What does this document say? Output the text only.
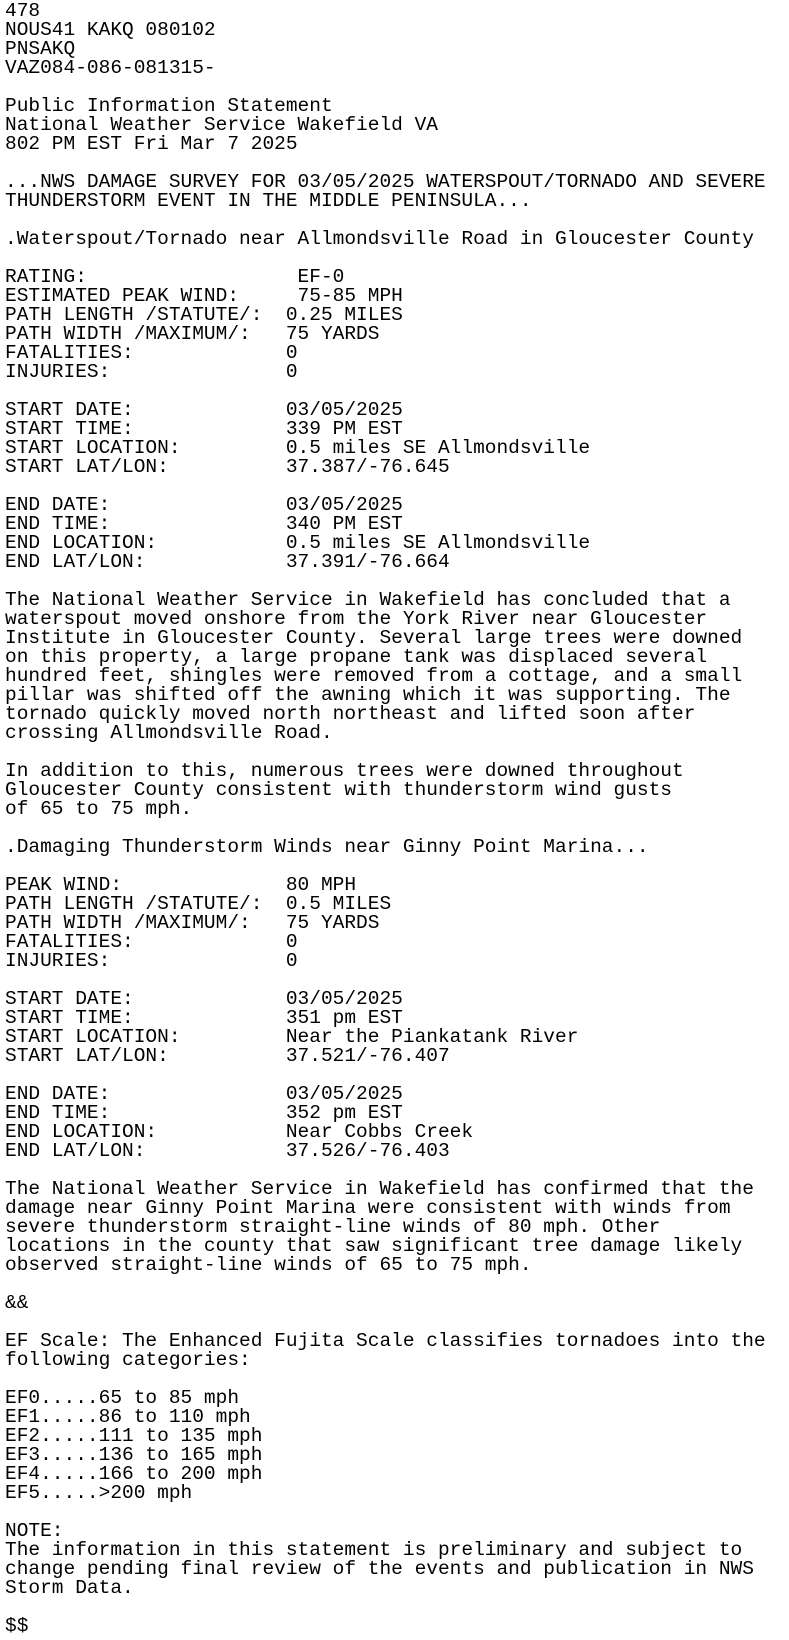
478
NOUS41 KAKQ 080102
PNSAKQ
VAZ084-086-081315-
Public Information Statement
National Weather Service Wakefield VA
802 PM EST Fri Mar 7 2025
...NWS DAMAGE SURVEY FOR 03/05/2025 WATERSPOUT/TORNADO AND SEVERE
THUNDERSTORM EVENT IN THE MIDDLE PENINSULA...
.Waterspout/Tornado near Allmondsville Road in Gloucester County
RATING:                  EF-0
ESTIMATED PEAK WIND:     75-85 MPH
PATH LENGTH /STATUTE/:  0.25 MILES
PATH WIDTH /MAXIMUM/:   75 YARDS
FATALITIES:             0
INJURIES:               0
START DATE:             03/05/2025
START TIME:             339 PM EST
START LOCATION:         0.5 miles SE Allmondsville
START LAT/LON:          37.387/-76.645
END DATE:               03/05/2025
END TIME:               340 PM EST
END LOCATION:           0.5 miles SE Allmondsville
END LAT/LON:            37.391/-76.664
The National Weather Service in Wakefield has concluded that a
waterspout moved onshore from the York River near Gloucester
Institute in Gloucester County. Several large trees were downed
on this property, a large propane tank was displaced several
hundred feet, shingles were removed from a cottage, and a small
pillar was shifted off the awning which it was supporting. The
tornado quickly moved north northeast and lifted soon after
crossing Allmondsville Road.
In addition to this, numerous trees were downed throughout
Gloucester County consistent with thunderstorm wind gusts
of 65 to 75 mph.
.Damaging Thunderstorm Winds near Ginny Point Marina...
PEAK WIND:              80 MPH
PATH LENGTH /STATUTE/:  0.5 MILES
PATH WIDTH /MAXIMUM/:   75 YARDS
FATALITIES:             0
INJURIES:               0
START DATE:             03/05/2025
START TIME:             351 pm EST
START LOCATION:         Near the Piankatank River
START LAT/LON:          37.521/-76.407
END DATE:               03/05/2025
END TIME:               352 pm EST
END LOCATION:           Near Cobbs Creek
END LAT/LON:            37.526/-76.403
The National Weather Service in Wakefield has confirmed that the
damage near Ginny Point Marina were consistent with winds from
severe thunderstorm straight-line winds of 80 mph. Other
locations in the county that saw significant tree damage likely
observed straight-line winds of 65 to 75 mph.
&&
EF Scale: The Enhanced Fujita Scale classifies tornadoes into the
following categories:
EF0.....65 to 85 mph
EF1.....86 to 110 mph
EF2.....111 to 135 mph
EF3.....136 to 165 mph
EF4.....166 to 200 mph
EF5.....>200 mph
NOTE:
The information in this statement is preliminary and subject to
change pending final review of the events and publication in NWS
Storm Data.
$$
